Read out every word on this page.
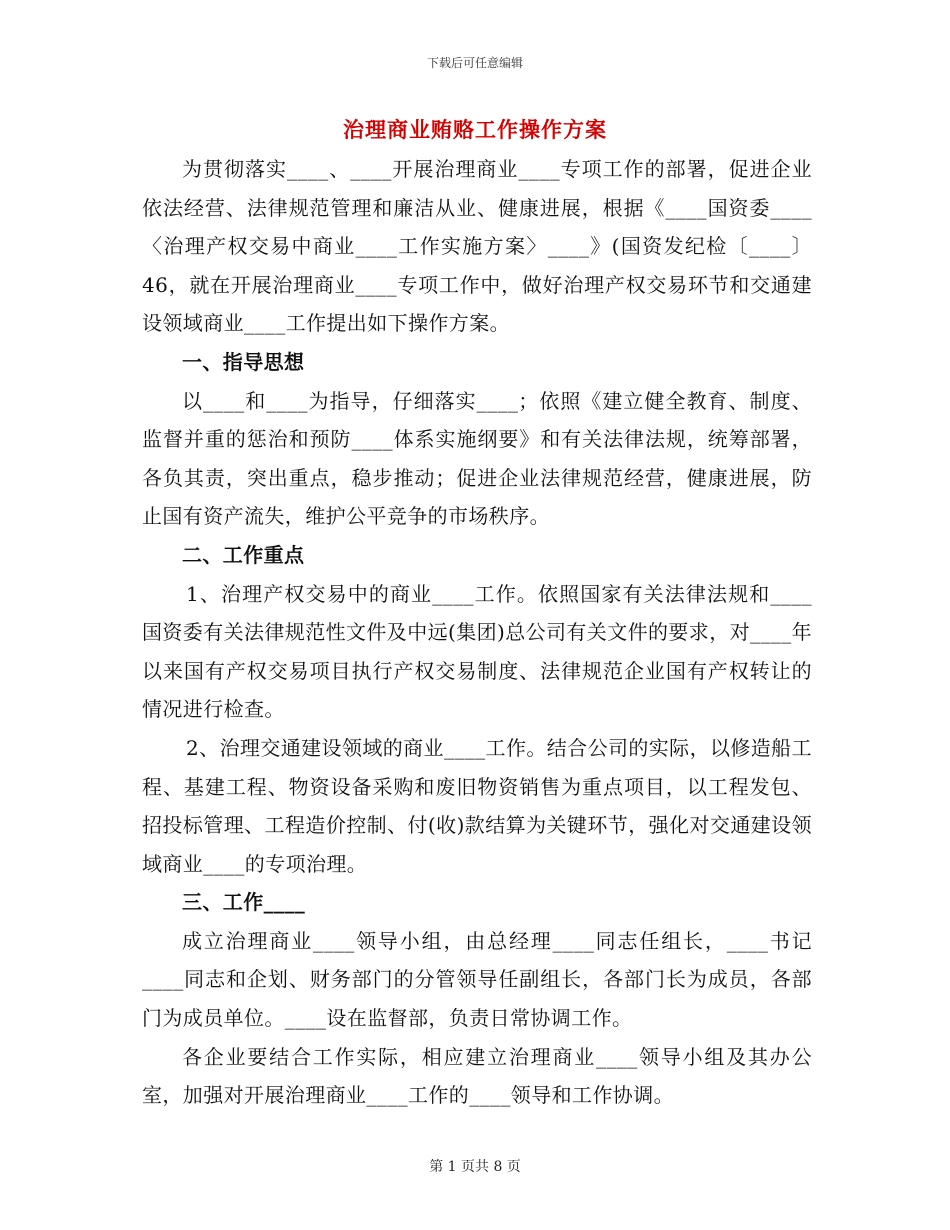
下载后可任意编辑
治理商业贿赂工作操作方案

为贯彻落实____、____开展治理商业____专项工作的部署，促进企业依法经营、法律规范管理和廉洁从业、健康进展，根据《____国资委____〈治理产权交易中商业____工作实施方案〉____》(国资发纪检〔____〕46，就在开展治理商业____专项工作中，做好治理产权交易环节和交通建设领域商业____工作提出如下操作方案。

一、指导思想

以____和____为指导，仔细落实____；依照《建立健全教育、制度、监督并重的惩治和预防____体系实施纲要》和有关法律法规，统筹部署，各负其责，突出重点，稳步推动；促进企业法律规范经营，健康进展，防止国有资产流失，维护公平竞争的市场秩序。

二、工作重点

1、治理产权交易中的商业____工作。依照国家有关法律法规和____国资委有关法律规范性文件及中远(集团)总公司有关文件的要求，对____年以来国有产权交易项目执行产权交易制度、法律规范企业国有产权转让的情况进行检查。

2、治理交通建设领域的商业____工作。结合公司的实际，以修造船工程、基建工程、物资设备采购和废旧物资销售为重点项目，以工程发包、招投标管理、工程造价控制、付(收)款结算为关键环节，强化对交通建设领域商业____的专项治理。

三、工作____

成立治理商业____领导小组，由总经理____同志任组长，____书记____同志和企划、财务部门的分管领导任副组长，各部门长为成员，各部门为成员单位。____设在监督部，负责日常协调工作。

各企业要结合工作实际，相应建立治理商业____领导小组及其办公室，加强对开展治理商业____工作的____领导和工作协调。

第 1 页共 8 页
